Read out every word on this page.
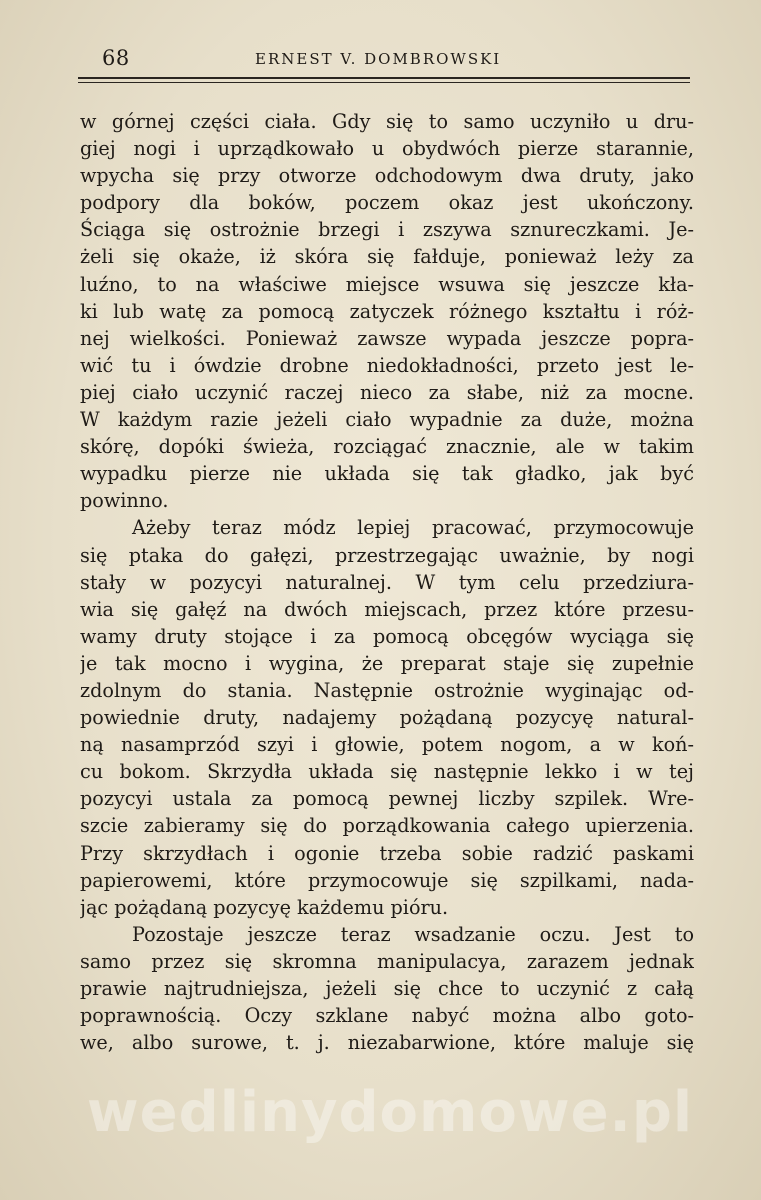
68	ERNEST V. DOMBROWSKI
w górnej części ciała. Gdy się to samo uczyniło u dru-
giej nogi i uprządkowało u obydwóch pierze starannie,
wpycha się przy otworze odchodowym dwa druty, jako
podpory dla boków, poczem okaz jest ukończony.
Ściąga się ostrożnie brzegi i zszywa sznureczkami. Je-
żeli się okaże, iż skóra się fałduje, ponieważ leży za
luźno, to na właściwe miejsce wsuwa się jeszcze kła-
ki lub watę za pomocą zatyczek różnego kształtu i róż-
nej wielkości. Ponieważ zawsze wypada jeszcze popra-
wić tu i ówdzie drobne niedokładności, przeto jest le-
piej ciało uczynić raczej nieco za słabe, niż za mocne.
W każdym razie jeżeli ciało wypadnie za duże, można
skórę, dopóki świeża, rozciągać znacznie, ale w takim
wypadku pierze nie układa się tak gładko, jak być
powinno.
Ażeby teraz módz lepiej pracować, przymocowuje
się ptaka do gałęzi, przestrzegając uważnie, by nogi
stały w pozycyi naturalnej. W tym celu przedziura-
wia się gałęź na dwóch miejscach, przez które przesu-
wamy druty stojące i za pomocą obcęgów wyciąga się
je tak mocno i wygina, że preparat staje się zupełnie
zdolnym do stania. Następnie ostrożnie wyginając od-
powiednie druty, nadajemy pożądaną pozycyę natural-
ną nasamprzód szyi i głowie, potem nogom, a w koń-
cu bokom. Skrzydła układa się następnie lekko i w tej
pozycyi ustala za pomocą pewnej liczby szpilek. Wre-
szcie zabieramy się do porządkowania całego upierzenia.
Przy skrzydłach i ogonie trzeba sobie radzić paskami
papierowemi, które przymocowuje się szpilkami, nada-
jąc pożądaną pozycyę każdemu pióru.
Pozostaje jeszcze teraz wsadzanie oczu. Jest to
samo przez się skromna manipulacya, zarazem jednak
prawie najtrudniejsza, jeżeli się chce to uczynić z całą
poprawnością. Oczy szklane nabyć można albo goto-
we, albo surowe, t. j. niezabarwione, które maluje się
wedlinydomowe.pl
